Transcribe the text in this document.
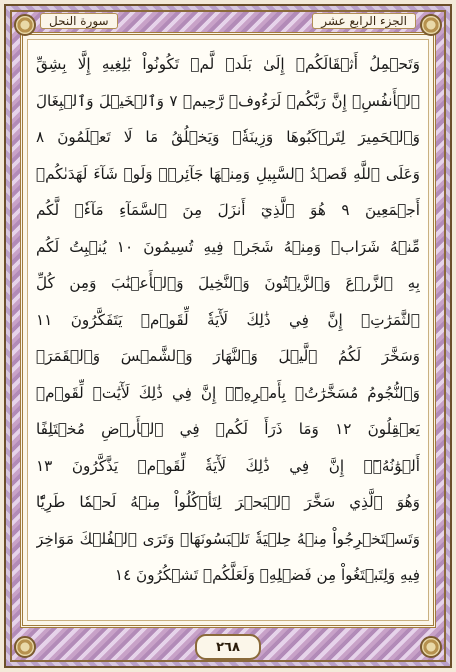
سورة النحل	الجزء الرابع عشر
وَتَحۡمِلُ أَثۡقَالَكُمۡ إِلَىٰ بَلَدٖ لَّمۡ تَكُونُواْ بَٰلِغِيهِ إِلَّا بِشِقِّ
ٱلۡأَنفُسِۚ إِنَّ رَبَّكُمۡ لَرَءُوفٞ رَّحِيمٞ ٧ وَٱلۡخَيۡلَ وَٱلۡبِغَالَ
وَٱلۡحَمِيرَ لِتَرۡكَبُوهَا وَزِينَةٗۚ وَيَخۡلُقُ مَا لَا تَعۡلَمُونَ ٨
وَعَلَى ٱللَّهِ قَصۡدُ ٱلسَّبِيلِ وَمِنۡهَا جَآئِرٞۚ وَلَوۡ شَآءَ لَهَدَىٰكُمۡ
أَجۡمَعِينَ ٩ هُوَ ٱلَّذِيٓ أَنزَلَ مِنَ ٱلسَّمَآءِ مَآءٗۖ لَّكُم
مِّنۡهُ شَرَابٞ وَمِنۡهُ شَجَرٞ فِيهِ تُسِيمُونَ ١٠ يُنۢبِتُ لَكُم
بِهِ ٱلزَّرۡعَ وَٱلزَّيۡتُونَ وَٱلنَّخِيلَ وَٱلۡأَعۡنَٰبَ وَمِن كُلِّ
ٱلثَّمَرَٰتِۚ إِنَّ فِي ذَٰلِكَ لَأٓيَةٗ لِّقَوۡمٖ يَتَفَكَّرُونَ ١١
وَسَخَّرَ لَكُمُ ٱلَّيۡلَ وَٱلنَّهَارَ وَٱلشَّمۡسَ وَٱلۡقَمَرَۖ
وَٱلنُّجُومُ مُسَخَّرَٰتُۢ بِأَمۡرِهِۦٓۚ إِنَّ فِي ذَٰلِكَ لَأٓيَٰتٖ لِّقَوۡمٖ
يَعۡقِلُونَ ١٢ وَمَا ذَرَأَ لَكُمۡ فِي ٱلۡأَرۡضِ مُخۡتَلِفًا
أَلۡوَٰنُهُۥٓۚ إِنَّ فِي ذَٰلِكَ لَأٓيَةٗ لِّقَوۡمٖ يَذَّكَّرُونَ ١٣
وَهُوَ ٱلَّذِي سَخَّرَ ٱلۡبَحۡرَ لِتَأۡكُلُواْ مِنۡهُ لَحۡمٗا طَرِيّٗا
وَتَسۡتَخۡرِجُواْ مِنۡهُ حِلۡيَةٗ تَلۡبَسُونَهَاۖ وَتَرَى ٱلۡفُلۡكَ مَوَاخِرَ
فِيهِ وَلِتَبۡتَغُواْ مِن فَضۡلِهِۦ وَلَعَلَّكُمۡ تَشۡكُرُونَ ١٤
٢٦٨
